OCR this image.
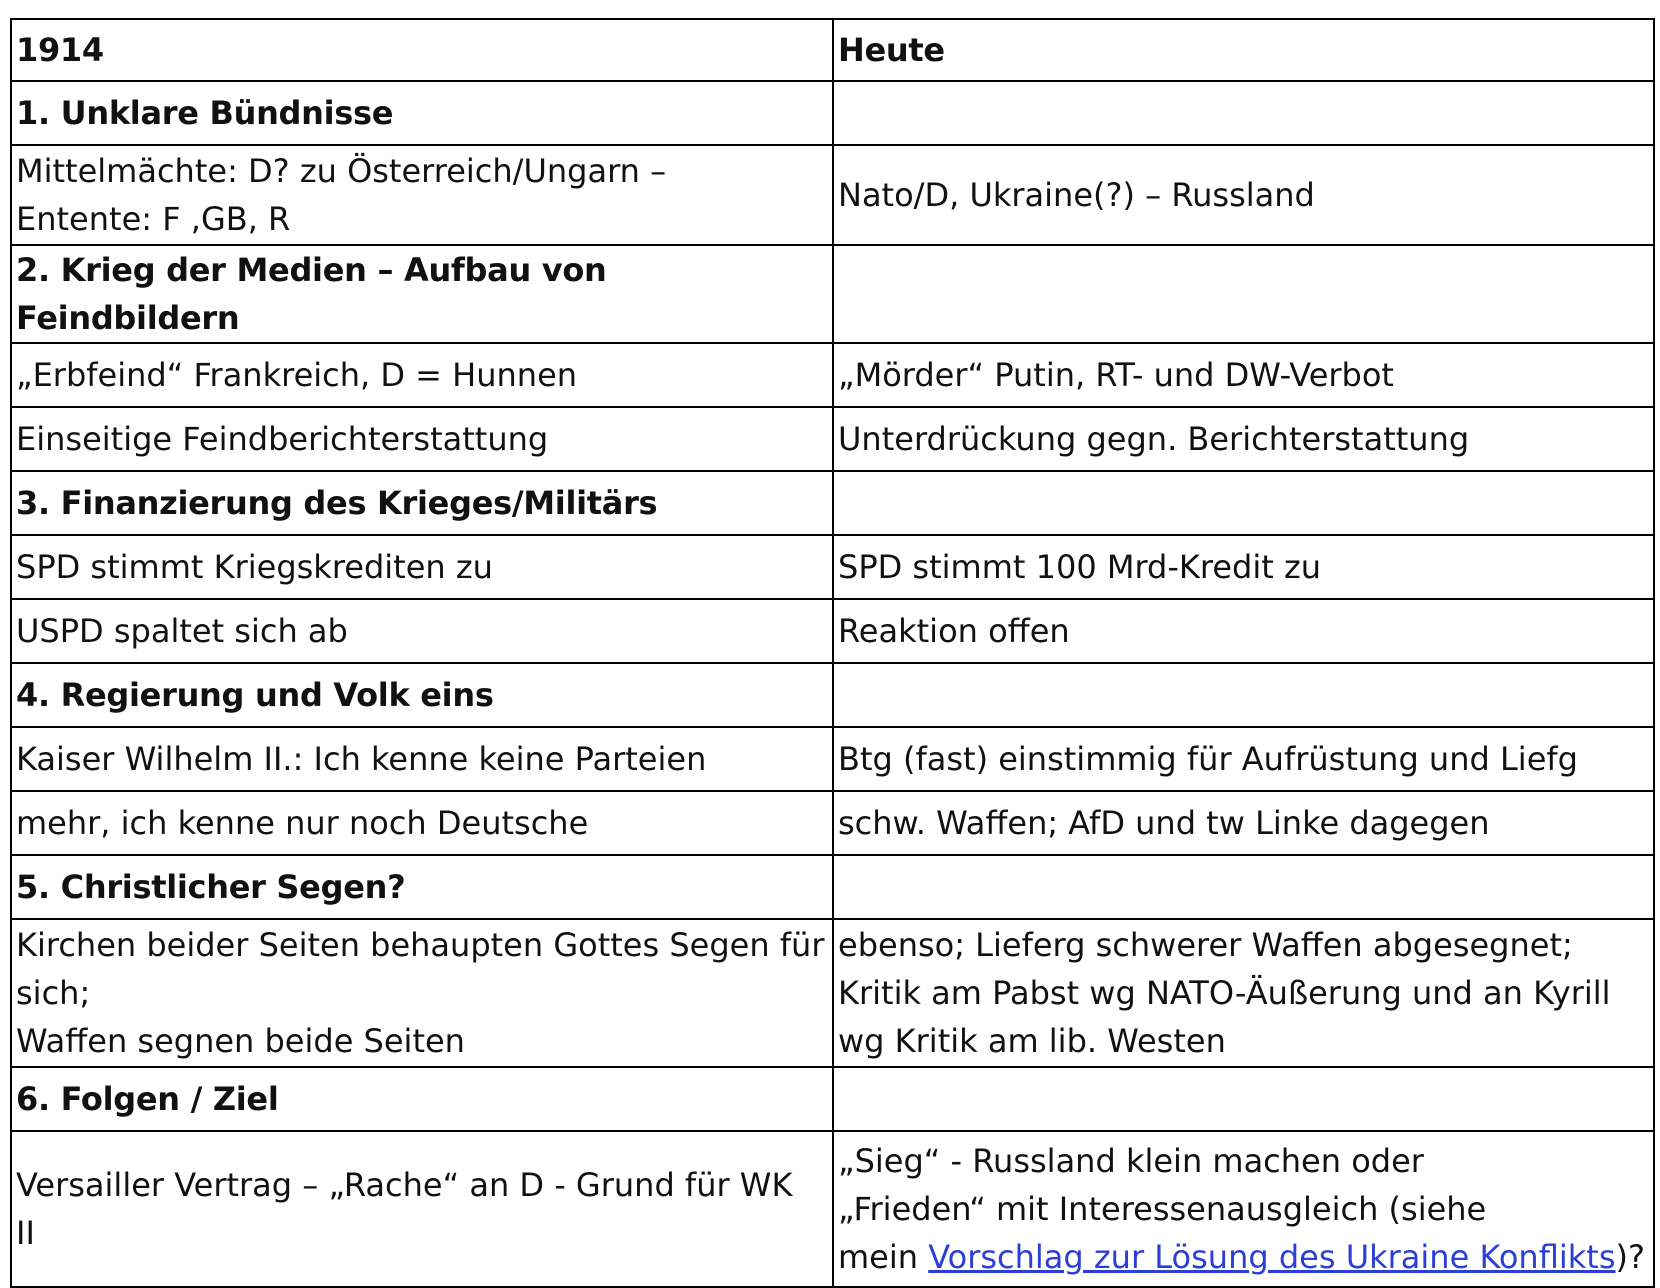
1914	Heute
1. Unklare Bündnisse	

Mittelmächte: D? zu Österreich/Ungarn –
Entente: F ,GB, R	Nato/D, Ukraine(?) – Russland

2. Krieg der Medien – Aufbau von Feindbildern	

„Erbfeind“ Frankreich, D = Hunnen	„Mörder“ Putin, RT- und DW-Verbot

Einseitige Feindberichterstattung	Unterdrückung gegn. Berichterstattung

3. Finanzierung des Krieges/Militärs	

SPD stimmt Kriegskrediten zu	SPD stimmt 100 Mrd-Kredit zu

USPD spaltet sich ab	Reaktion offen

4. Regierung und Volk eins	

Kaiser Wilhelm II.: Ich kenne keine Parteien	Btg (fast) einstimmig für Aufrüstung und Liefg

mehr, ich kenne nur noch Deutsche	schw. Waffen; AfD und tw Linke dagegen

5. Christlicher Segen?	

Kirchen beider Seiten behaupten Gottes Segen für
sich;
Waffen segnen beide Seiten	ebenso; Lieferg schwerer Waffen abgesegnet;
Kritik am Pabst wg NATO-Äußerung und an Kyrill
wg Kritik am lib. Westen

6. Folgen / Ziel	

Versailler Vertrag – „Rache“ an D - Grund für WK
II	„Sieg“ - Russland klein machen oder
„Frieden“ mit Interessenausgleich (siehe
mein Vorschlag zur Lösung des Ukraine Konflikts)?
